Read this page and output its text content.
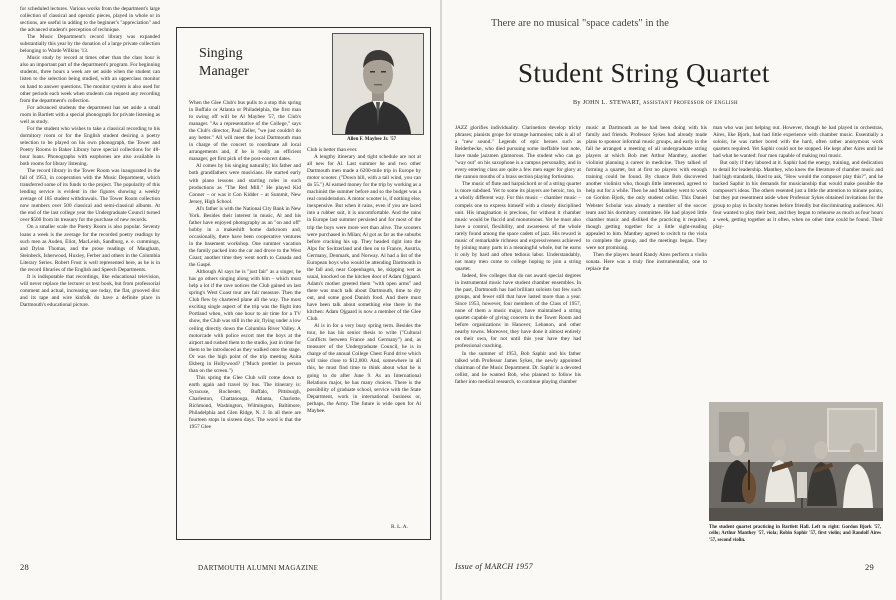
for scheduled lectures. Various works from the department's large collection of classical and operatic pieces, played in whole or in sections, are useful in adding to the beginner's "appreciation" and the advanced student's perception of technique.

The Music Department's record library was expanded substantially this year by the donation of a large private collection belonging to Warde Wilkins '13.

Music study by record at times other than the class hour is also an important part of the department's program. For beginning students, three hours a week are set aside when the student can listen to the selection being studied, with an upperclass monitor on hand to answer questions. The monitor system is also used for other periods each week when students can request any recording from the department's collection.

For advanced students the department has set aside a small room in Bartlett with a special phonograph for private listening as well as study.

For the student who wishes to take a classical recording to his dormitory room or for the English student desiring a poetry selection to be played on his own phonograph, the Tower and Poetry Rooms in Baker Library have special collections for 48-hour loans. Phonographs with earphones are also available in both rooms for library listening.

The record library in the Tower Room was inaugurated in the fall of 1953, in cooperation with the Music Department, which transferred some of its funds to the project. The popularity of this lending service is evident in the figures showing a weekly average of 185 student withdrawals. The Tower Room collection now numbers over 500 classical and semi-classical albums. At the end of the last college year the Undergraduate Council turned over $500 from its treasury for the purchase of new records.

On a smaller scale the Poetry Room is also popular. Seventy loans a week is the average for the recorded poetry readings by such men as Auden, Eliot, MacLeish, Sandburg, e. e. cummings, and Dylan Thomas, and the prose readings of Maugham, Steinbeck, Isherwood, Huxley, Ferber and others in the Columbia Literary Series. Robert Frost is well represented here, as he is in the record libraries of the English and Speech Departments.

It is indisputable that recordings, like educational television, will never replace the lecturer or text book, but from professorial comment and actual, increasing use today, the flat, grooved disc and its tape and wire kinfolk do have a definite place in Dartmouth's educational picture.

Singing
Manager
Allen F. Maybee Jr. '57

When the Glee Club's bus pulls to a stop this spring in Buffalo or Atlanta or Philadelphia, the first man to swing off will be Al Maybee '57, the Club's manager. "As a representative of the College," says the Club's director, Paul Zeller, "we just couldn't do any better." All will meet the local Dartmouth man in charge of the concert to coordinate all local arrangements and, if he is really an efficient manager, get first pick of the post-concert dates.

Al comes by his singing naturally; his father and both grandfathers were musicians. He started early with piano lessons and starring roles in such productions as "The Red Mill." He played Kid Conner – or was it Con Kidder – at Summit, New Jersey, High School.

Al's father is with the National City Bank in New York. Besides their interest in music, Al and his father have enjoyed photography as an "on and off" hobby in a makeshift home darkroom and, occasionally, there have been cooperative ventures in the basement workshop. One summer vacation the family packed into the car and drove to the West Coast; another time they went north to Canada and the Gaspé.

Although Al says he is "just fair" as a singer, he has go others singing along with him – which must help a lot if the rave notices the Club gained on last spring's West Coast tour are fair measure. Then the Club flew by chartered plane all the way. The most exciting single aspect of the trip was the flight into Portland when, with one hour to air time for a TV show, the Club was still in the air, flying under a low ceiling directly down the Columbia River Valley. A motorcade with police escort met the boys at the airport and rushed them to the studio, just in time for them to be introduced as they walked onto the stage. Or was the high point of the trip meeting Anita Ekberg in Hollywood? ("Much prettier in person than on the screen.")

This spring the Glee Club will come down to earth again and travel by bus. The itinerary is: Syracuse, Rochester, Buffalo, Pittsburgh, Charleston, Chattanooga, Atlanta, Charlotte, Richmond, Washington, Wilmington, Baltimore, Philadelphia and Glen Ridge, N. J. In all there are fourteen stops in sixteen days. The word is that the 1957 Glee

Club is better than ever.

A lengthy itinerary and tight schedule are not at all new for Al. Last summer he and two other Dartmouth men made a 6200-mile trip in Europe by motor scooter. ("Down hill, with a tail wind, you can do 55.") Al earned money for the trip by working as a machinist the summer before and so the budget was a real consideration. A motor scooter is, if nothing else, inexpensive. But when it rains, even if you are laced into a rubber suit, it is uncomfortable. And the rains in Europe last summer persisted and for most of the trip the boys were more wet than alive. The scooters were purchased in Milan; Al got as far as the suburbs before cracking his up. They headed right into the Alps for Switzerland and then on to France, Austria, Germany, Denmark, and Norway. Al had a list of the European boys who would be attending Dartmouth in the fall and, near Copenhagen, he, skipping wet as usual, knocked on the kitchen door of Adam Ojgaard. Adam's mother greeted them "with open arms" and there was much talk about Dartmouth, time to dry out, and some good Danish food. And there must have been talk about something else there in the kitchen: Adam Ojgaard is now a member of the Glee Club.

Al is in for a very busy spring term. Besides the tour, he has his senior thesis to write ("Cultural Conflicts between France and Germany") and, as treasurer of the Undergraduate Council, he is in charge of the annual College Chest Fund drive which will raise close to $12,000. And, somewhere in all this, he must find time to think about what he is going to do after June 9. As an International Relations major, he has many choices. There is the possibility of graduate school, service with the State Department, work in international business or, perhaps, the Army. The future is wide open for Al Maybee.

R. L. A.
28	DARTMOUTH ALUMNI MAGAZINE
There are no musical "space cadets" in the
Student String Quartet
By JOHN L. STEWART, ASSISTANT PROFESSOR OF ENGLISH

JAZZ glorifies individuality. Clarinetists develop tricky phrases; pianists grope for strange harmonies; talk is all of a "new sound." Legends of epic heroes such as Beiderbecke, who died pursuing some ineffable lost note, have made jazzmen glamorous. The student who can go "way out" on his saxophone is a campus personality, and in every entering class are quite a few men eager for glory at the cannon mouths of a brass section playing fortissimo.

The music of flute and harpsichord or of a string quartet is more subdued. Yet to some its players are heroic, too, in a wholly different way. For this music – chamber music – compels one to express himself with a closely disciplined unit. His imagination is precious, for without it chamber music would be flaccid and monotonous. Yet he must also have a control, flexibility, and awareness of the whole rarely found among the space cadets of jazz. His reward is music of remarkable richness and expressiveness achieved by joining many parts in a meaningful whole, but he earns it only by hard and often tedious labor. Understandably, not many men come to college hoping to join a string quartet.

Indeed, few colleges that do not award special degrees in instrumental music have student chamber ensembles. In the past, Dartmouth has had brilliant soloists but few such groups, and fewer still that have lasted more than a year. Since 1953, however, four members of the Class of 1957, none of them a music major, have maintained a string quartet capable of giving concerts in the Tower Room and before organizations in Hanover, Lebanon, and other nearby towns. Moreover, they have done it almost entirely on their own, for not until this year have they had professional coaching.

In the summer of 1953, Bob Saphir and his father talked with Professor James Sykes, the newly appointed chairman of the Music Department. Dr. Saphir is a devoted cellist, and he wanted Bob, who planned to follow his father into medical research, to continue playing chamber

music at Dartmouth as he had been doing with his family and friends. Professor Sykes had already made plans to sponsor informal music groups, and early in the fall he arranged a meeting of all undergraduate string players at which Bob met Arthur Manthey, another violinist planning a career in medicine. They talked of forming a quartet, but at first no players with enough training could be found. By chance Bob discovered another violinist who, though little interested, agreed to help out for a while. Then he and Manthey went to work on Gordon Bjork, the only student cellist. This Daniel Webster Scholar was already a member of the soccer team and his dormitory committee. He had played little chamber music and disliked the practicing it required, though getting together for a little sight-reading appealed to him. Manthey agreed to switch to the viola to complete the group, and the meetings began. They were not promising.

Then the players heard Randy Aires perform a violin sonata. Here was a truly fine instrumentalist, one to replace the

man who was just helping out. However, though he had played in orchestras, Aires, like Bjork, had had little experience with chamber music. Essentially a soloist, he was rather bored with the hard, often rather anonymous work quartets required. Yet Saphir could not be stopped. He kept after Aires until he had what he wanted: four men capable of making real music.

But only if they labored at it. Saphir had the energy, training, and dedication to detail for leadership. Manthey, who knew the literature of chamber music and had high standards, liked to ask, "How would the composer play this?", and he backed Saphir in his demands for musicianship that would make possible the composer's ideas. The others resented just a little the attention to minute points, but they put resentment aside when Professor Sykes obtained invitations for the group to play in faculty homes before friendly but discriminating audiences. All four wanted to play their best, and they began to rehearse as much as four hours a week, getting together as it often, when no other time could be found. Their play-

The student quartet practicing in Bartlett Hall. Left to right: Gordon Bjork '57, cello; Arthur Manthey '57, viola; Robin Saphir '57, first violin; and Randolf Aires '57, second violin.
Issue of MARCH 1957	29
